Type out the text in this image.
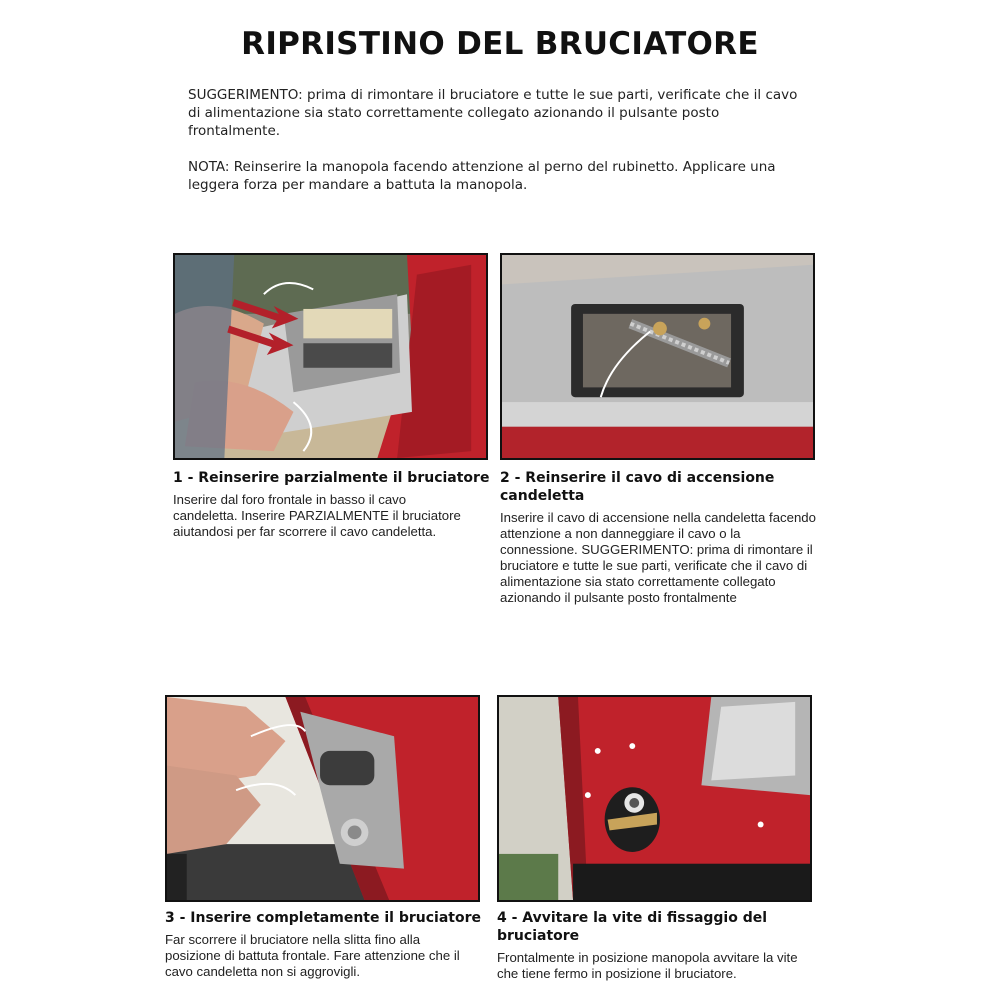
RIPRISTINO DEL BRUCIATORE
SUGGERIMENTO: prima di rimontare il bruciatore e tutte le sue parti, verificate che il cavo di alimentazione sia stato correttamente collegato azionando il pulsante posto frontalmente.
NOTA: Reinserire la manopola facendo attenzione al perno del rubinetto. Applicare una leggera forza per mandare a battuta la manopola.
1 - Reinserire parzialmente il bruciatore
Inserire dal foro frontale in basso il cavo candeletta. Inserire PARZIALMENTE il bruciatore aiutandosi per far scorrere il cavo candeletta.
2 - Reinserire il cavo di accensione candeletta
Inserire il cavo di accensione nella candeletta facendo attenzione a non danneggiare il cavo o la connessione. SUGGERIMENTO: prima di rimontare il bruciatore e tutte le sue parti, verificate che il cavo di alimentazione sia stato correttamente collegato azionando il pulsante posto frontalmente
3 - Inserire completamente il bruciatore
Far scorrere il bruciatore nella slitta fino alla posizione di battuta frontale. Fare attenzione che il cavo candeletta non si aggrovigli.
4 - Avvitare la vite di fissaggio del bruciatore
Frontalmente in posizione manopola avvitare la vite che tiene fermo in posizione il bruciatore.
